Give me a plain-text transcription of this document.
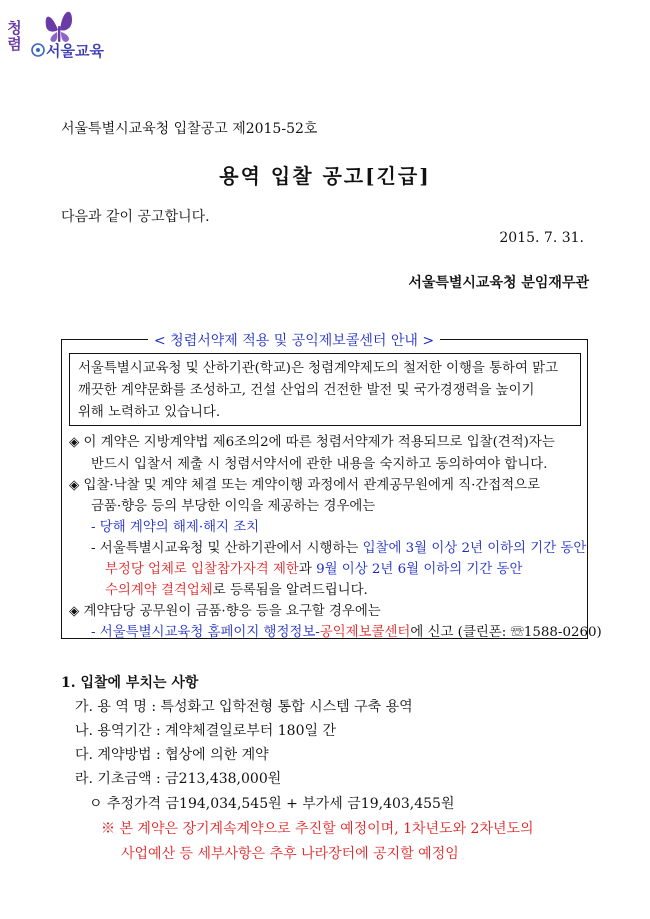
서울특별시교육청 입찰공고 제2015-52호
청렴 서울교육
용역 입찰 공고[긴급]
다음과 같이 공고합니다.
2015. 7. 31.
서울특별시교육청 분임재무관
< 청렴서약제 적용 및 공익제보콜센터 안내 >
서울특별시교육청 및 산하기관(학교)은 청렴계약제도의 철저한 이행을 통하여 맑고
깨끗한 계약문화를 조성하고, 건설 산업의 건전한 발전 및 국가경쟁력을 높이기
위해 노력하고 있습니다.
◈ 이 계약은 지방계약법 제6조의2에 따른 청렴서약제가 적용되므로 입찰(견적)자는
반드시 입찰서 제출 시 청렴서약서에 관한 내용을 숙지하고 동의하여야 합니다.
◈ 입찰·낙찰 및 계약 체결 또는 계약이행 과정에서 관계공무원에게 직·간접적으로
금품·향응 등의 부당한 이익을 제공하는 경우에는
- 당해 계약의 해제·해지 조치
- 서울특별시교육청 및 산하기관에서 시행하는 입찰에 3월 이상 2년 이하의 기간 동안
부정당 업체로 입찰참가자격 제한과 9월 이상 2년 6월 이하의 기간 동안
수의계약 결격업체로 등록됨을 알려드립니다.
◈ 계약담당 공무원이 금품·향응 등을 요구할 경우에는
- 서울특별시교육청 홈페이지 행정정보-공익제보콜센터에 신고 (클린폰: ☏1588-0260)
1. 입찰에 부치는 사항
가. 용 역 명 : 특성화고 입학전형 통합 시스템 구축 용역
나. 용역기간 : 계약체결일로부터 180일 간
다. 계약방법 : 협상에 의한 계약
라. 기초금액 : 금213,438,000원
ㅇ 추정가격 금194,034,545원 + 부가세 금19,403,455원
※ 본 계약은 장기계속계약으로 추진할 예정이며, 1차년도와 2차년도의
사업예산 등 세부사항은 추후 나라장터에 공지할 예정임
